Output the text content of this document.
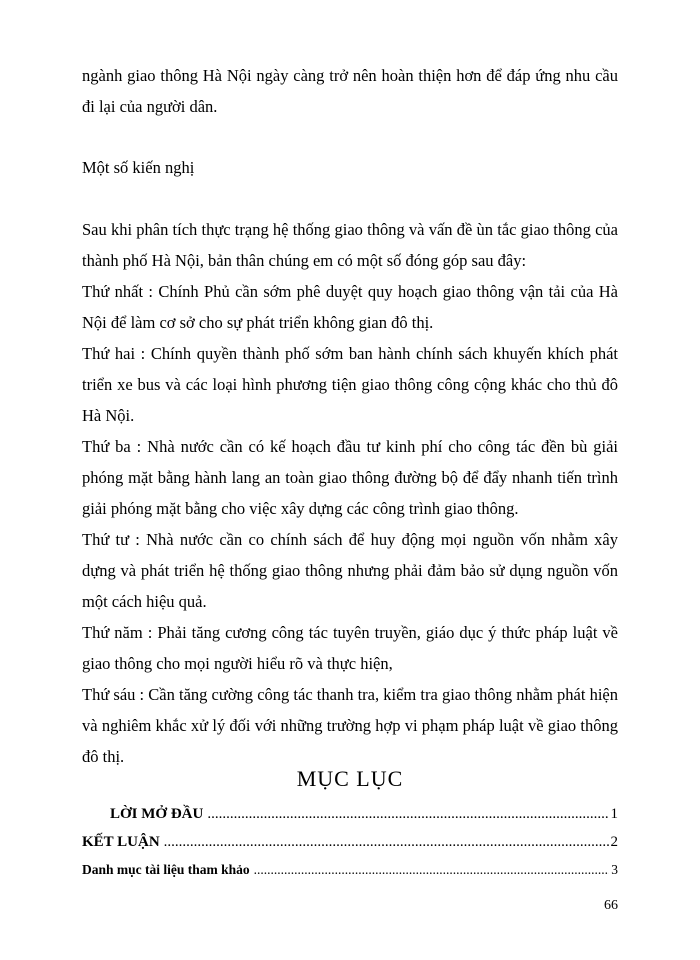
ngành giao thông Hà Nội ngày càng trở nên hoàn thiện hơn để đáp ứng nhu cầu đi lại của người dân.

Một số kiến nghị

Sau khi phân tích thực trạng hệ thống giao thông và vấn đề ùn tắc giao thông của thành phố Hà Nội, bản thân chúng em có một số đóng góp sau đây:

Thứ nhất : Chính Phủ cần sớm phê duyệt quy hoạch giao thông vận tải của Hà Nội để làm cơ sở cho sự phát triển không gian đô thị.

Thứ hai : Chính quyền thành phố sớm ban hành chính sách khuyến khích phát triển xe bus và các loại hình phương tiện giao thông công cộng khác cho thủ đô Hà Nội.

Thứ ba : Nhà nước cần có kế hoạch đầu tư kinh phí cho công tác đền bù giải phóng mặt bằng hành lang an toàn giao thông đường bộ để đẩy nhanh tiến trình giải phóng mặt bằng cho việc xây dựng các công trình giao thông.

Thứ tư : Nhà nước cần co chính sách để huy động mọi nguồn vốn nhằm xây dựng và phát triển hệ thống giao thông nhưng phải đảm bảo sử dụng nguồn vốn một cách hiệu quả.

Thứ năm : Phải tăng cương công tác tuyên truyền, giáo dục ý thức pháp luật về giao thông cho mọi người hiểu rõ và thực hiện,

Thứ sáu : Cần tăng cường công tác thanh tra, kiểm tra giao thông nhằm phát hiện và nghiêm khắc xử lý đối với những trường hợp vi phạm pháp luật về giao thông đô thị.

MỤC LỤC
LỜI MỞ ĐẦU .....	1
KẾT LUẬN .....	2
Danh mục tài liệu tham khảo .....	3
66
